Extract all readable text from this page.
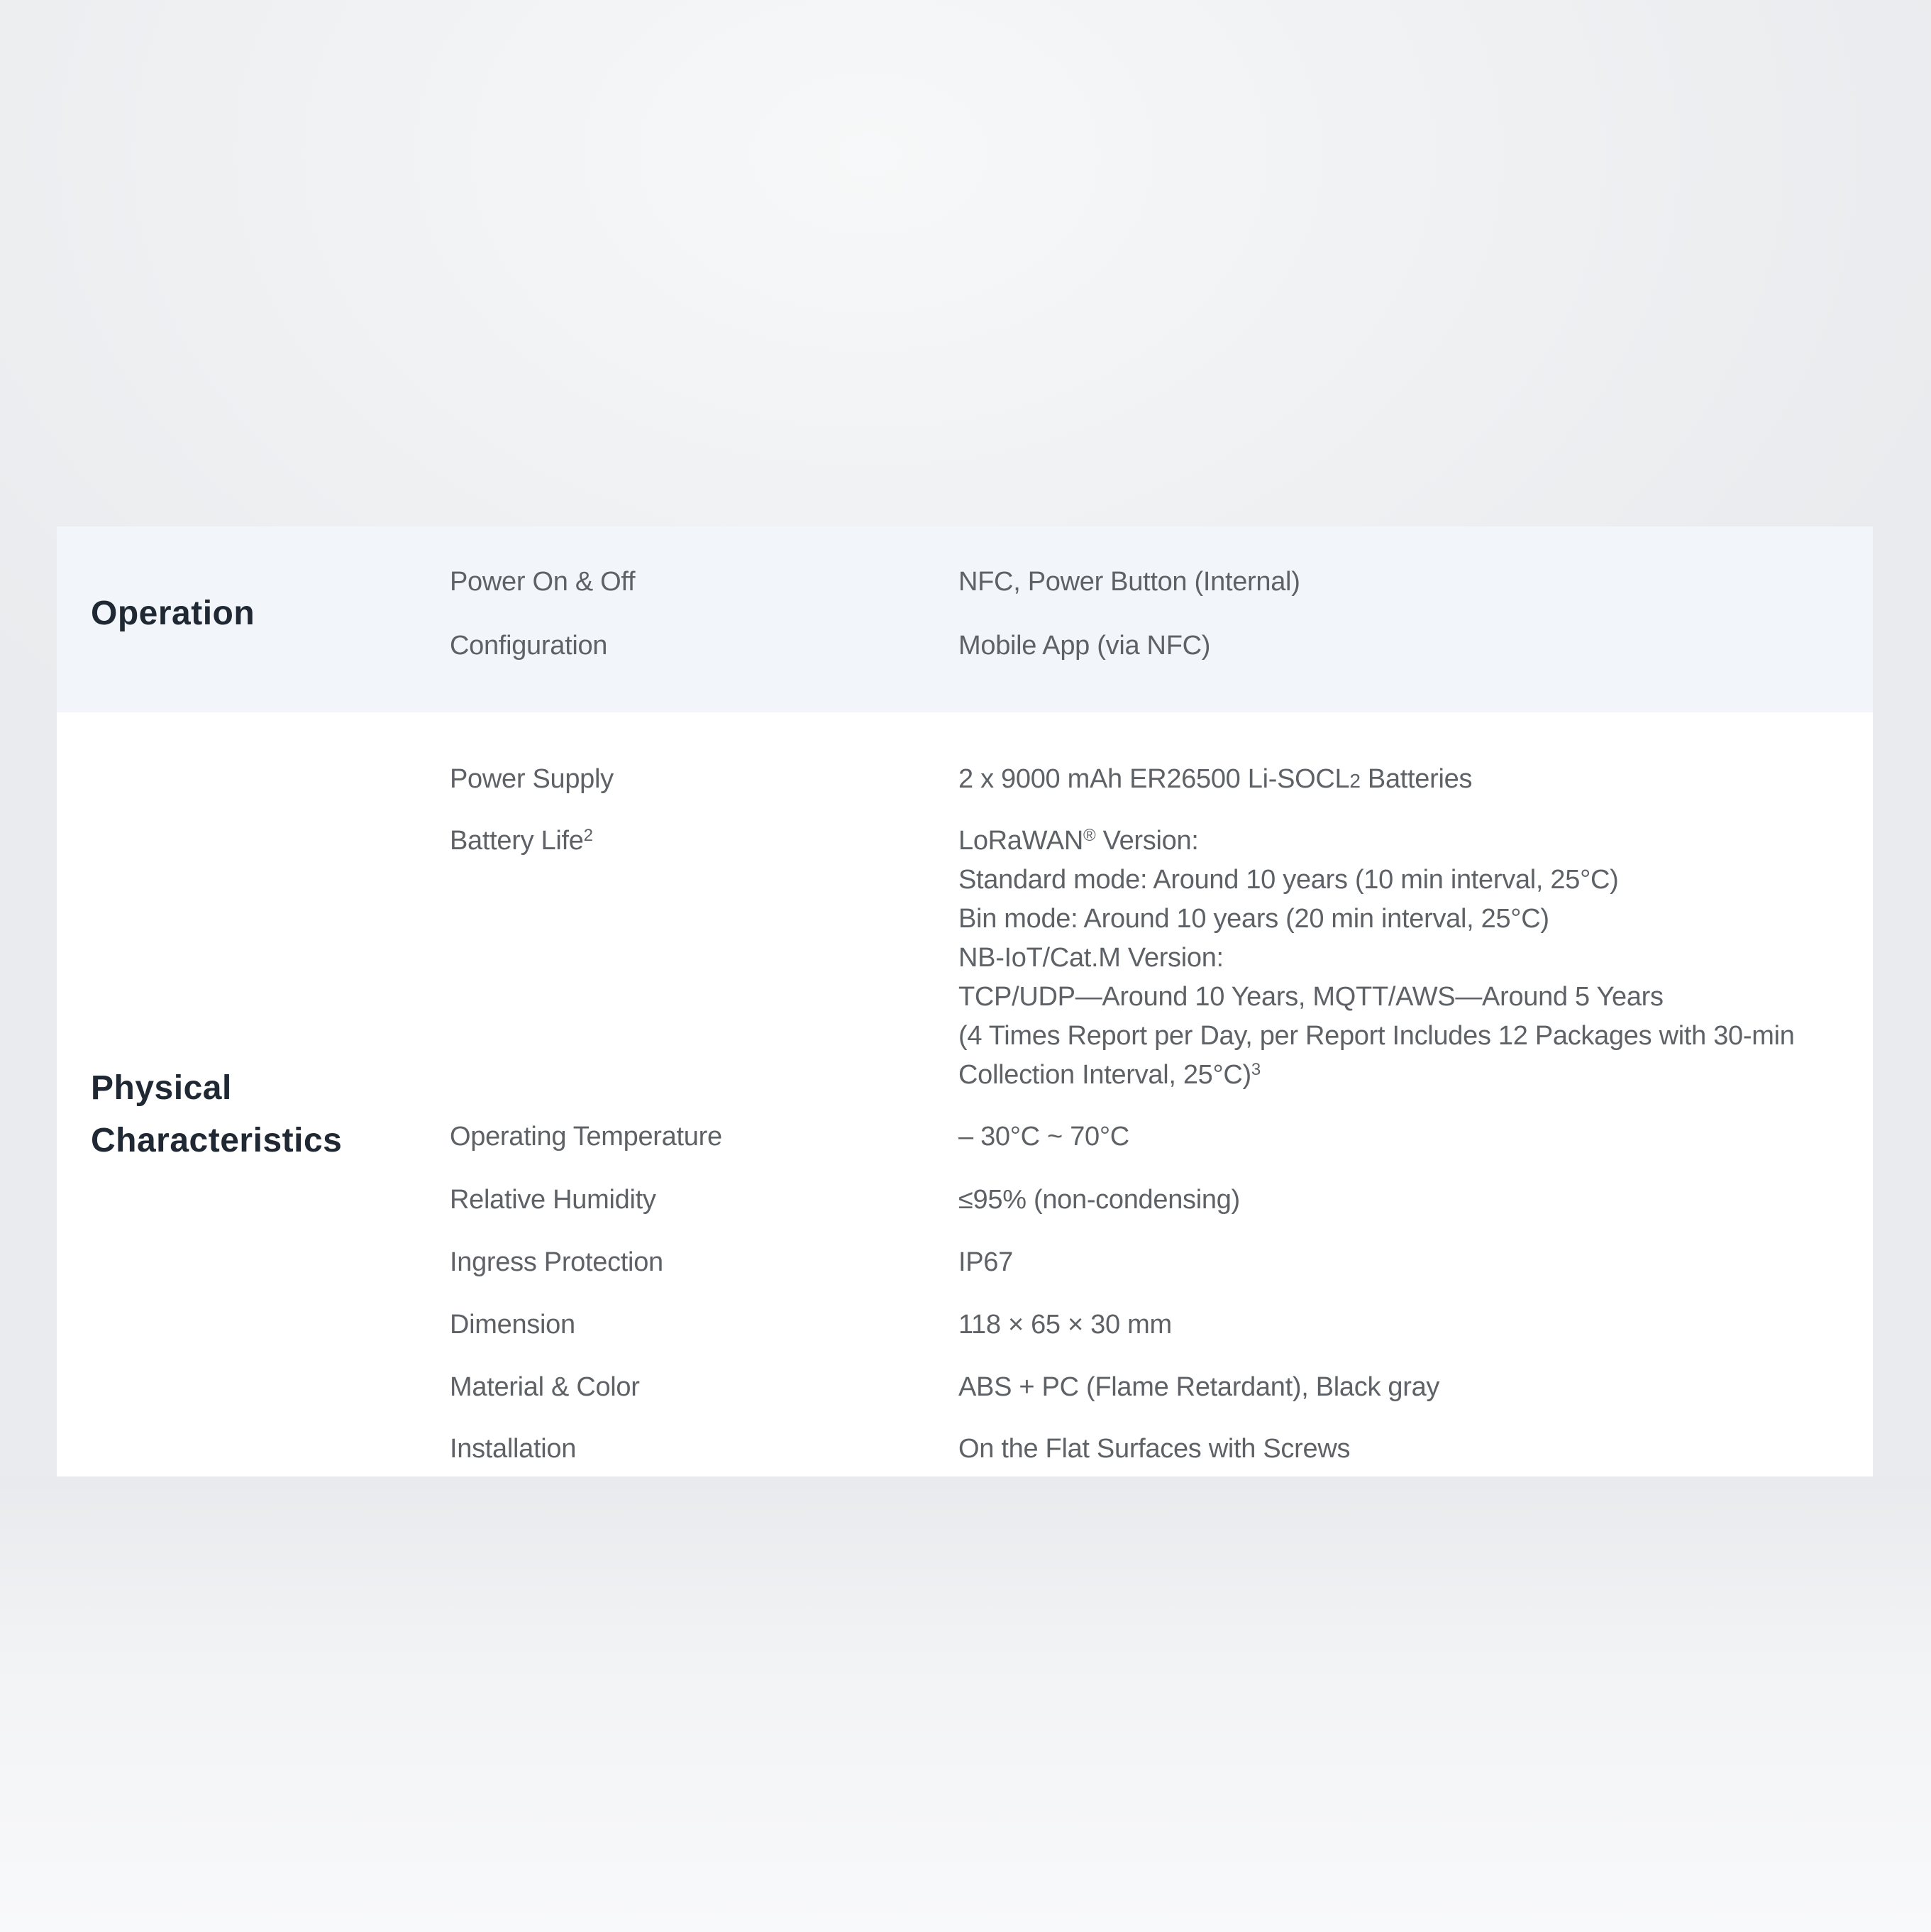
Operation
Power On & Off	NFC, Power Button (Internal)
Configuration	Mobile App (via NFC)
Physical
Characteristics
Power Supply	2 x 9000 mAh ER26500 Li-SOCL2 Batteries
Battery Life$^2$	LoRaWAN® Version:
Standard mode: Around 10 years (10 min interval, 25°C)
Bin mode: Around 10 years (20 min interval, 25°C)
NB-IoT/Cat.M Version:
TCP/UDP—Around 10 Years, MQTT/AWS—Around 5 Years
(4 Times Report per Day, per Report Includes 12 Packages with 30-min
Collection Interval, 25°C)$^3$
Operating Temperature	– 30°C ~ 70°C
Relative Humidity	≤95% (non-condensing)
Ingress Protection	IP67
Dimension	118 × 65 × 30 mm
Material & Color	ABS + PC (Flame Retardant), Black gray
Installation	On the Flat Surfaces with Screws
